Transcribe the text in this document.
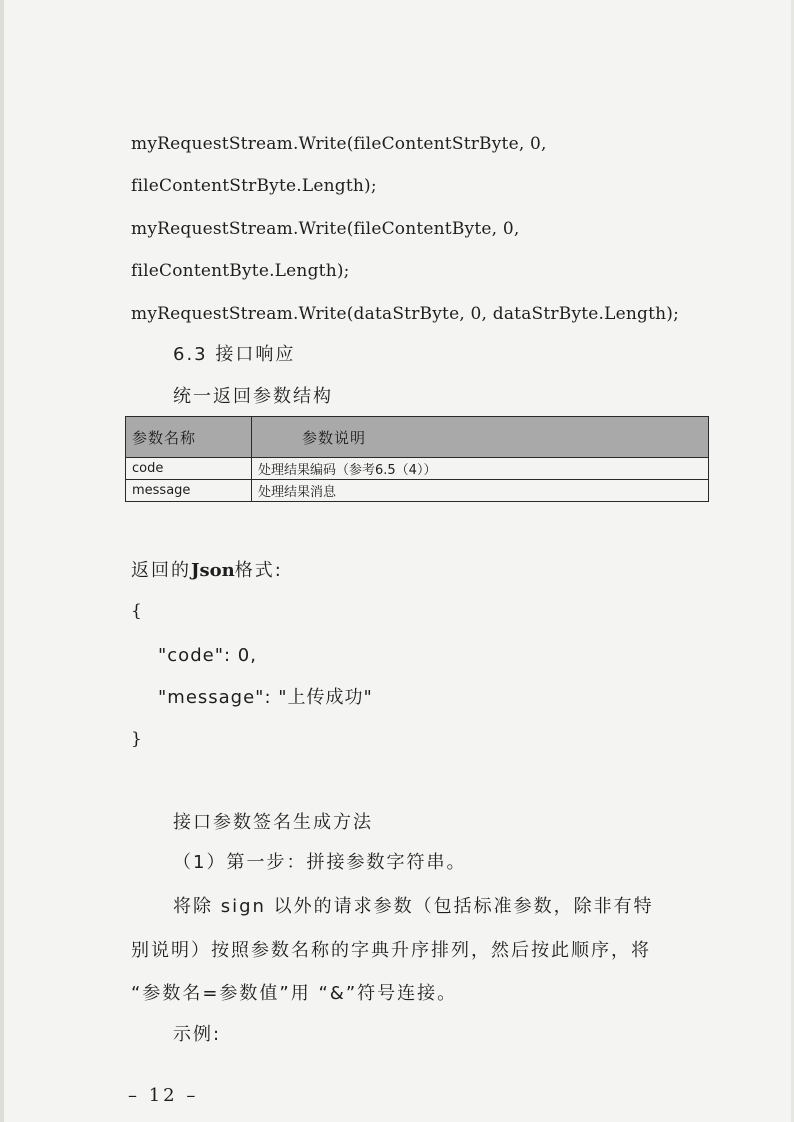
myRequestStream.Write(fileContentStrByte, 0,
fileContentStrByte.Length);
myRequestStream.Write(fileContentByte, 0,
fileContentByte.Length);
myRequestStream.Write(dataStrByte, 0, dataStrByte.Length);
6.3 接口响应
统一返回参数结构
参数名称	参数说明
code	处理结果编码（参考6.5（4））
message	处理结果消息
返回的Json格式:
{
"code": 0,
"message": "上传成功"
}
接口参数签名生成方法
（1）第一步：拼接参数字符串。
将除 sign 以外的请求参数（包括标准参数，除非有特
别说明）按照参数名称的字典升序排列，然后按此顺序，将
“参数名=参数值”用 “&”符号连接。
示例:
– 12 –
